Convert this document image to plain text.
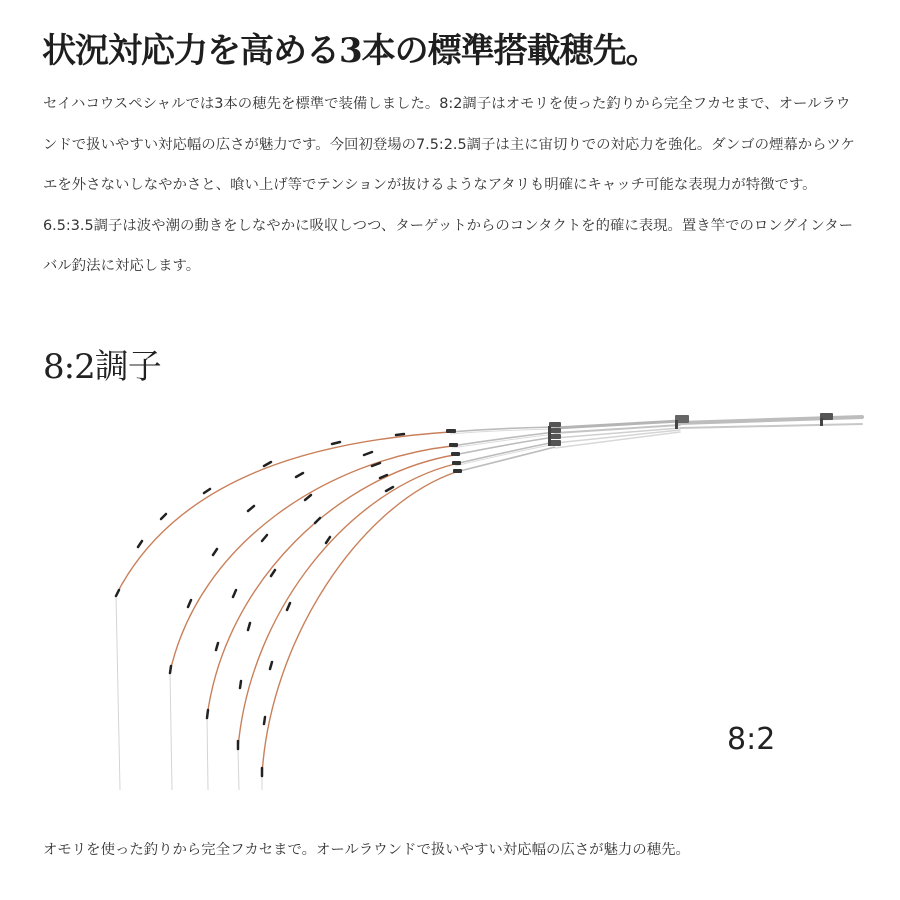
状況対応力を高める3本の標準搭載穂先。

セイハコウスペシャルでは3本の穂先を標準で装備しました。8:2調子はオモリを使った釣りから完全フカセまで、オールラウンドで扱いやすい対応幅の広さが魅力です。今回初登場の7.5:2.5調子は主に宙切りでの対応力を強化。ダンゴの煙幕からツケエを外さないしなやかさと、喰い上げ等でテンションが抜けるようなアタリも明確にキャッチ可能な表現力が特徴です。6.5:3.5調子は波や潮の動きをしなやかに吸収しつつ、ターゲットからのコンタクトを的確に表現。置き竿でのロングインターバル釣法に対応します。

8:2調子
8:2

オモリを使った釣りから完全フカセまで。オールラウンドで扱いやすい対応幅の広さが魅力の穂先。
